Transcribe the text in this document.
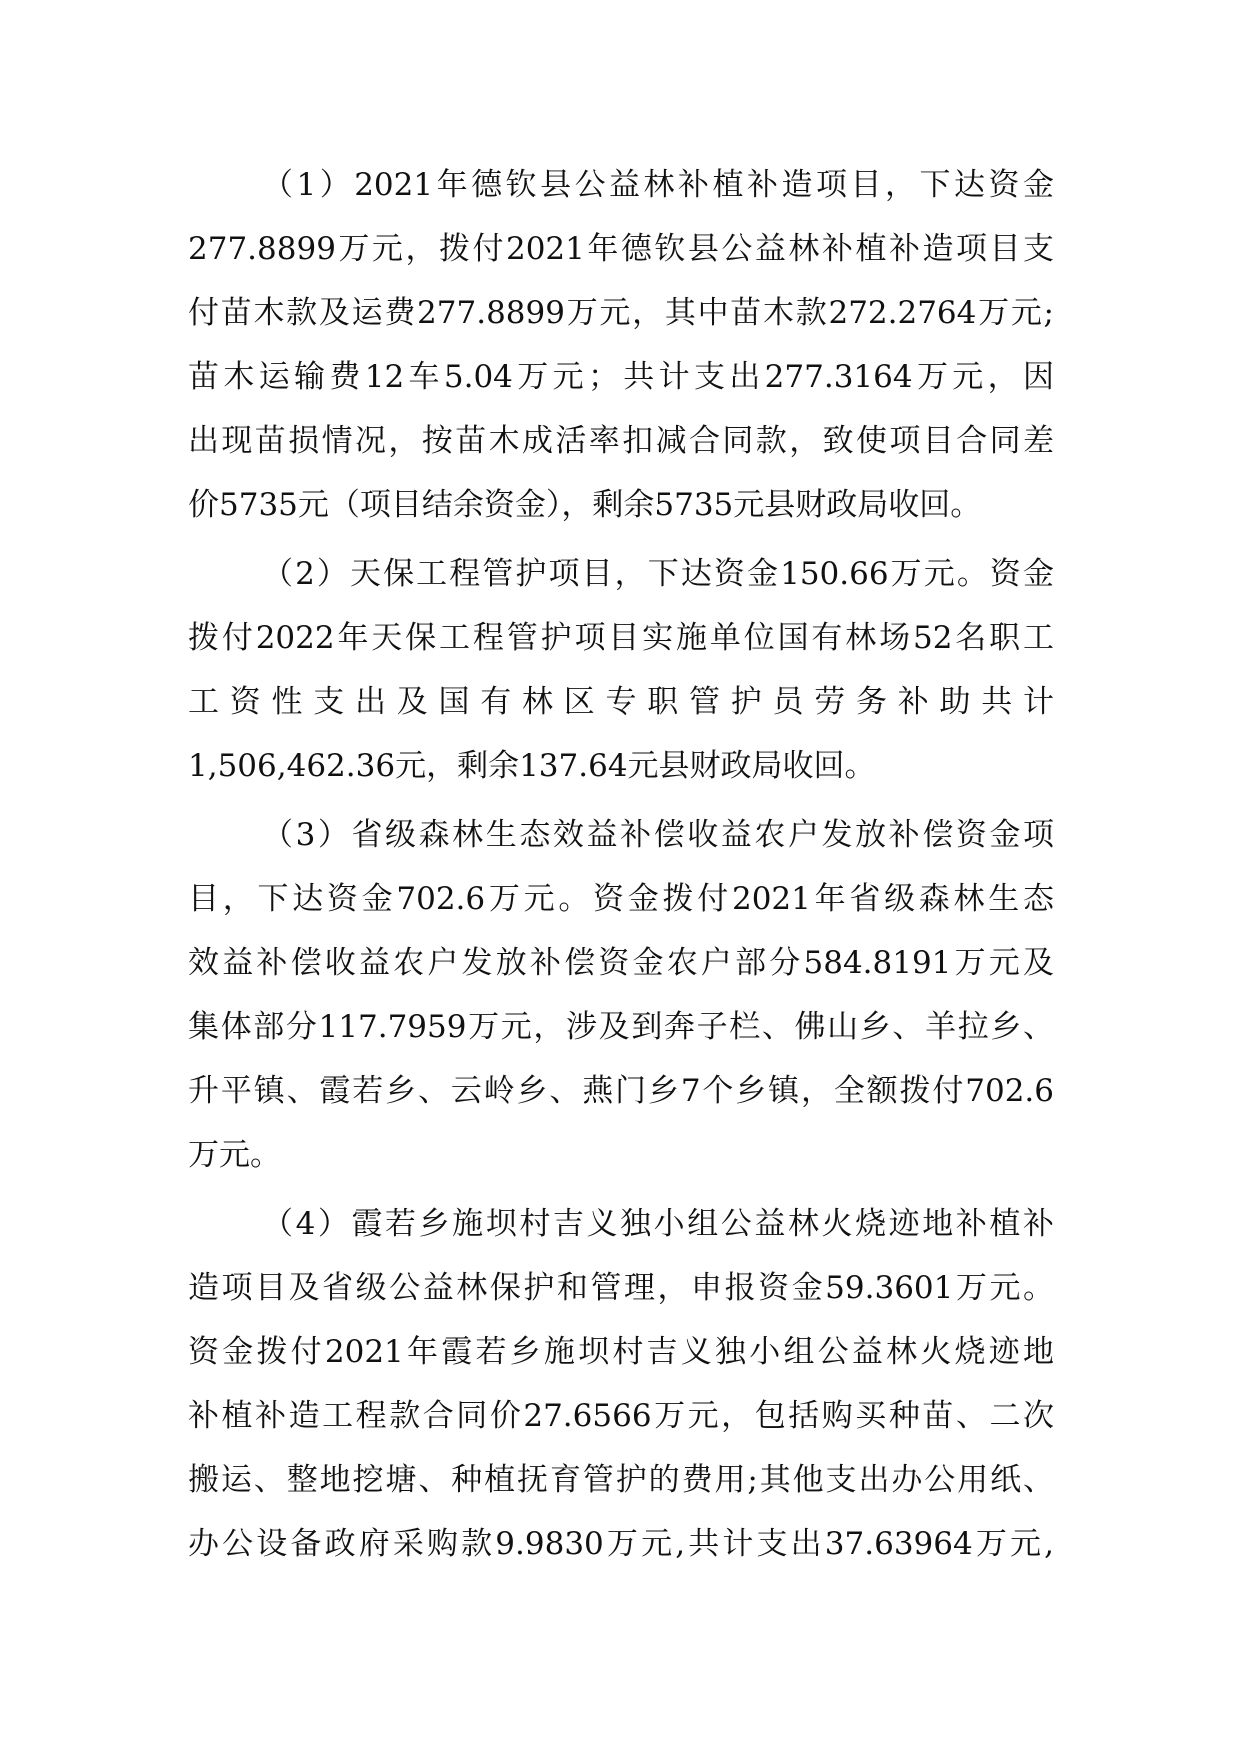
（1）2021年德钦县公益林补植补造项目，下达资金
277.8899万元，拨付2021年德钦县公益林补植补造项目支
付苗木款及运费277.8899万元，其中苗木款272.2764万元;
苗木运输费12车5.04万元；共计支出277.3164万元，因
出现苗损情况，按苗木成活率扣减合同款，致使项目合同差
价5735元（项目结余资金），剩余5735元县财政局收回。
（2）天保工程管护项目，下达资金150.66万元。资金
拨付2022年天保工程管护项目实施单位国有林场52名职工
工资性支出及国有林区专职管护员劳务补助共计
1,506,462.36元，剩余137.64元县财政局收回。
（3）省级森林生态效益补偿收益农户发放补偿资金项
目，下达资金702.6万元。资金拨付2021年省级森林生态
效益补偿收益农户发放补偿资金农户部分584.8191万元及
集体部分117.7959万元，涉及到奔子栏、佛山乡、羊拉乡、
升平镇、霞若乡、云岭乡、燕门乡7个乡镇，全额拨付702.6
万元。
（4）霞若乡施坝村吉义独小组公益林火烧迹地补植补
造项目及省级公益林保护和管理，申报资金59.3601万元。
资金拨付2021年霞若乡施坝村吉义独小组公益林火烧迹地
补植补造工程款合同价27.6566万元，包括购买种苗、二次
搬运、整地挖塘、种植抚育管护的费用;其他支出办公用纸、
办公设备政府采购款9.9830万元,共计支出37.63964万元,
